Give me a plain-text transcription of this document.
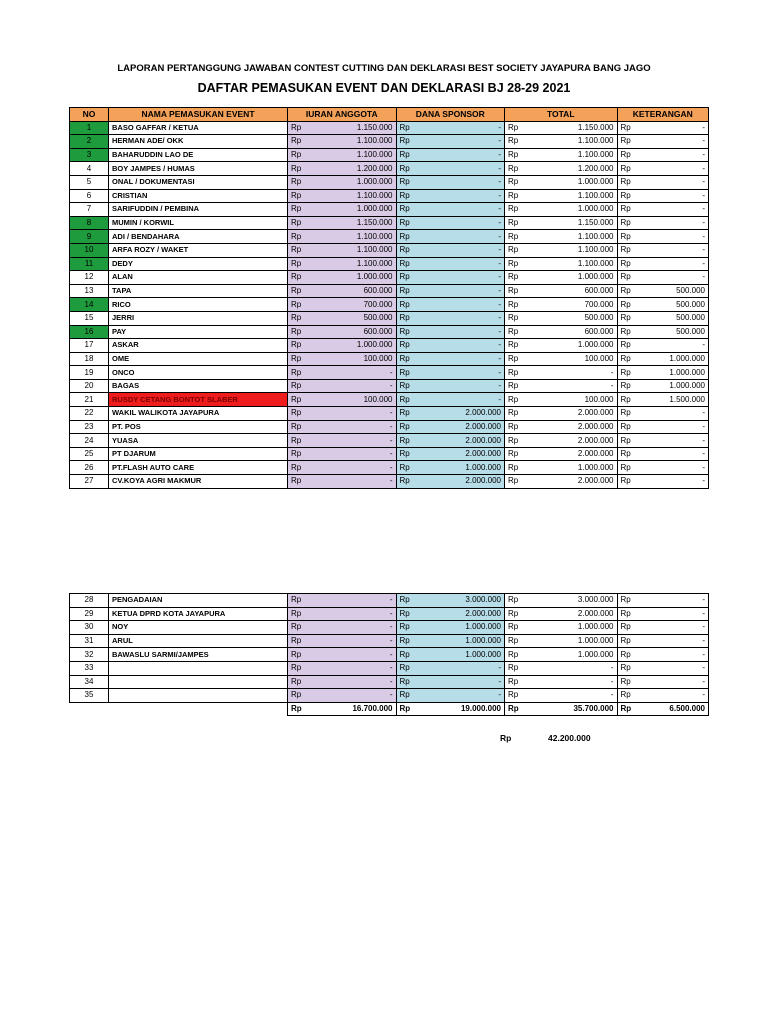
LAPORAN PERTANGGUNG JAWABAN CONTEST CUTTING DAN DEKLARASI BEST SOCIETY JAYAPURA BANG JAGO
DAFTAR PEMASUKAN EVENT DAN DEKLARASI BJ 28-29 2021
NO	NAMA PEMASUKAN EVENT	IURAN ANGGOTA		DANA SPONSOR		TOTAL		KETERANGAN	
1	BASO GAFFAR / KETUA	Rp	1.150.000	Rp	-	Rp	1.150.000	Rp	-
2	HERMAN ADE/ OKK	Rp	1.100.000	Rp	-	Rp	1.100.000	Rp	-
3	BAHARUDDIN LAO DE	Rp	1.100.000	Rp	-	Rp	1.100.000	Rp	-
4	BOY JAMPES / HUMAS	Rp	1.200.000	Rp	-	Rp	1.200.000	Rp	-
5	ONAL / DOKUMENTASI	Rp	1.000.000	Rp	-	Rp	1.000.000	Rp	-
6	CRISTIAN	Rp	1.100.000	Rp	-	Rp	1.100.000	Rp	-
7	SARIFUDDIN / PEMBINA	Rp	1.000.000	Rp	-	Rp	1.000.000	Rp	-
8	MUMIN / KORWIL	Rp	1.150.000	Rp	-	Rp	1.150.000	Rp	-
9	ADI / BENDAHARA	Rp	1.100.000	Rp	-	Rp	1.100.000	Rp	-
10	ARFA ROZY / WAKET	Rp	1.100.000	Rp	-	Rp	1.100.000	Rp	-
11	DEDY	Rp	1.100.000	Rp	-	Rp	1.100.000	Rp	-
12	ALAN	Rp	1.000.000	Rp	-	Rp	1.000.000	Rp	-
13	TAPA	Rp	600.000	Rp	-	Rp	600.000	Rp	500.000
14	RICO	Rp	700.000	Rp	-	Rp	700.000	Rp	500.000
15	JERRI	Rp	500.000	Rp	-	Rp	500.000	Rp	500.000
16	PAY	Rp	600.000	Rp	-	Rp	600.000	Rp	500.000
17	ASKAR	Rp	1.000.000	Rp	-	Rp	1.000.000	Rp	-
18	OME	Rp	100.000	Rp	-	Rp	100.000	Rp	1.000.000
19	ONCO	Rp	-	Rp	-	Rp	-	Rp	1.000.000
20	BAGAS	Rp	-	Rp	-	Rp	-	Rp	1.000.000
21	RUSDY CETANG BONTOT SLABER	Rp	100.000	Rp	-	Rp	100.000	Rp	1.500.000
22	WAKIL WALIKOTA JAYAPURA	Rp	-	Rp	2.000.000	Rp	2.000.000	Rp	-
23	PT. POS	Rp	-	Rp	2.000.000	Rp	2.000.000	Rp	-
24	YUASA	Rp	-	Rp	2.000.000	Rp	2.000.000	Rp	-
25	PT DJARUM	Rp	-	Rp	2.000.000	Rp	2.000.000	Rp	-
26	PT.FLASH AUTO CARE	Rp	-	Rp	1.000.000	Rp	1.000.000	Rp	-
27	CV.KOYA AGRI MAKMUR	Rp	-	Rp	2.000.000	Rp	2.000.000	Rp	-
28	PENGADAIAN	Rp	-	Rp	3.000.000	Rp	3.000.000	Rp	-
29	KETUA DPRD KOTA JAYAPURA	Rp	-	Rp	2.000.000	Rp	2.000.000	Rp	-
30	NOY	Rp	-	Rp	1.000.000	Rp	1.000.000	Rp	-
31	ARUL	Rp	-	Rp	1.000.000	Rp	1.000.000	Rp	-
32	BAWASLU SARMI/JAMPES	Rp	-	Rp	1.000.000	Rp	1.000.000	Rp	-
33		Rp	-	Rp	-	Rp	-	Rp	-
34		Rp	-	Rp	-	Rp	-	Rp	-
35		Rp	-	Rp	-	Rp	-	Rp	-
		Rp	16.700.000	Rp	19.000.000	Rp	35.700.000	Rp	6.500.000
Rp	42.200.000
